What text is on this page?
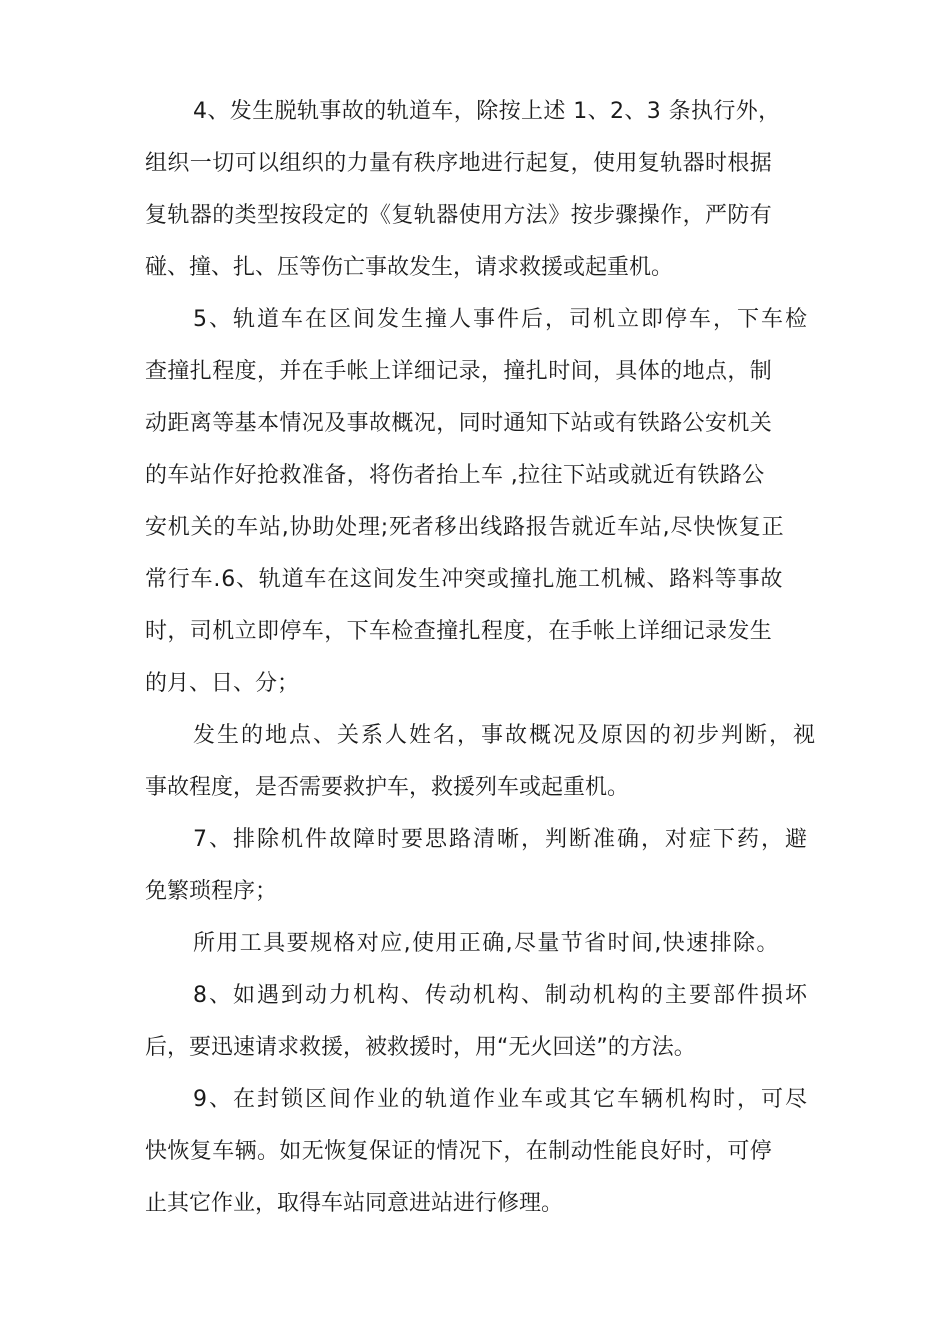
4、发生脱轨事故的轨道车，除按上述 1、2、3 条执行外，
组织一切可以组织的力量有秩序地进行起复，使用复轨器时根据
复轨器的类型按段定的《复轨器使用方法》按步骤操作，严防有
碰、撞、扎、压等伤亡事故发生，请求救援或起重机。
5、轨道车在区间发生撞人事件后，司机立即停车，下车检
查撞扎程度，并在手帐上详细记录，撞扎时间，具体的地点，制
动距离等基本情况及事故概况，同时通知下站或有铁路公安机关
的车站作好抢救准备，将伤者抬上车 ,拉往下站或就近有铁路公
安机关的车站,协助处理;死者移出线路报告就近车站,尽快恢复正
常行车.6、轨道车在这间发生冲突或撞扎施工机械、路料等事故
时，司机立即停车，下车检查撞扎程度，在手帐上详细记录发生
的月、日、分；
发生的地点、关系人姓名，事故概况及原因的初步判断，视
事故程度，是否需要救护车，救援列车或起重机。
7、排除机件故障时要思路清晰，判断准确，对症下药，避
免繁琐程序；
所用工具要规格对应,使用正确,尽量节省时间,快速排除。
8、如遇到动力机构、传动机构、制动机构的主要部件损坏
后，要迅速请求救援，被救援时，用“无火回送”的方法。
9、在封锁区间作业的轨道作业车或其它车辆机构时，可尽
快恢复车辆。如无恢复保证的情况下，在制动性能良好时，可停
止其它作业，取得车站同意进站进行修理。
